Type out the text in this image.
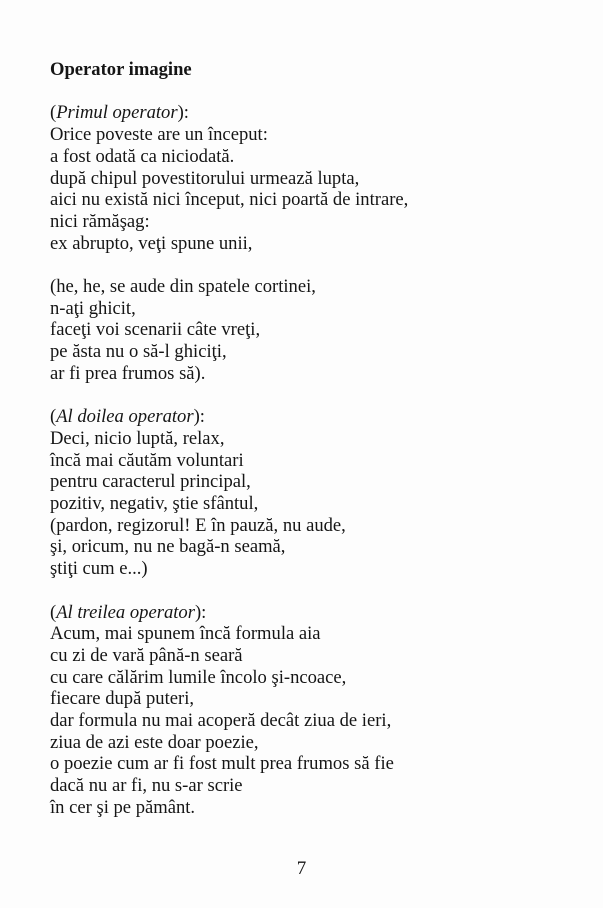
Operator imagine
(Primul operator):
Orice poveste are un început:
a fost odată ca niciodată.
după chipul povestitorului urmează lupta,
aici nu există nici început, nici poartă de intrare,
nici rămăşag:
ex abrupto, veţi spune unii,
(he, he, se aude din spatele cortinei,
n-aţi ghicit,
faceţi voi scenarii câte vreţi,
pe ăsta nu o să-l ghiciţi,
ar fi prea frumos să).
(Al doilea operator):
Deci, nicio luptă, relax,
încă mai căutăm voluntari
pentru caracterul principal,
pozitiv, negativ, ştie sfântul,
(pardon, regizorul! E în pauză, nu aude,
şi, oricum, nu ne bagă-n seamă,
ştiţi cum e...)
(Al treilea operator):
Acum, mai spunem încă formula aia
cu zi de vară până-n seară
cu care călărim lumile încolo şi-ncoace,
fiecare după puteri,
dar formula nu mai acoperă decât ziua de ieri,
ziua de azi este doar poezie,
o poezie cum ar fi fost mult prea frumos să fie
dacă nu ar fi, nu s-ar scrie
în cer şi pe pământ.
7
